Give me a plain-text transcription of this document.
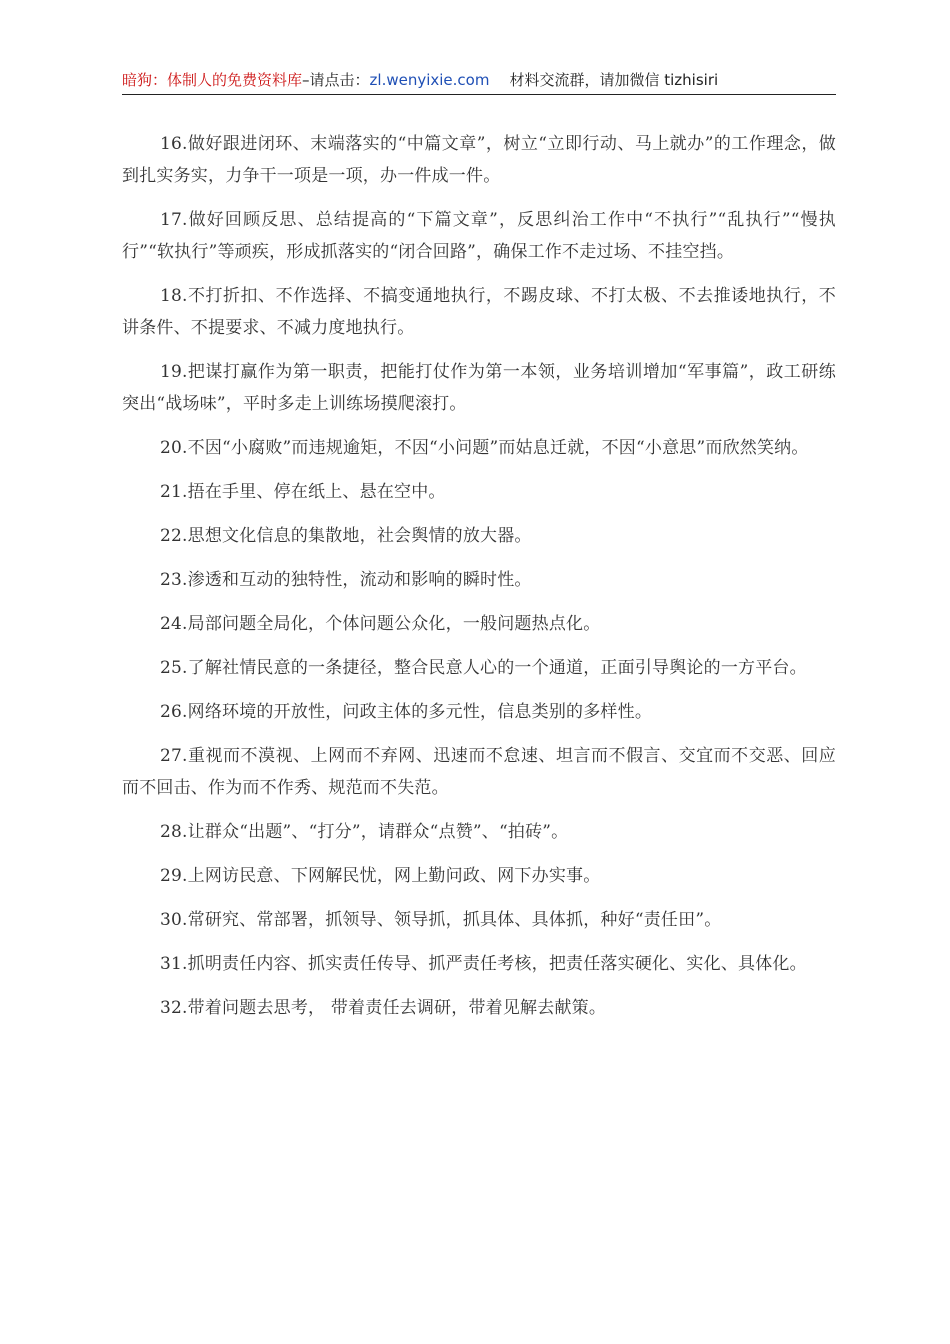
暗狗：体制人的免费资料库–请点击：zl.wenyixie.com 材料交流群，请加微信 tizhisiri

16.做好跟进闭环、末端落实的“中篇文章”，树立“立即行动、马上就办”的工作理念，做到扎实务实，力争干一项是一项，办一件成一件。

17.做好回顾反思、总结提高的“下篇文章”，反思纠治工作中“不执行”“乱执行”“慢执行”“软执行”等顽疾，形成抓落实的“闭合回路”，确保工作不走过场、不挂空挡。

18.不打折扣、不作选择、不搞变通地执行，不踢皮球、不打太极、不去推诿地执行，不讲条件、不提要求、不减力度地执行。

19.把谋打赢作为第一职责，把能打仗作为第一本领，业务培训增加“军事篇”，政工研练突出“战场味”，平时多走上训练场摸爬滚打。

20.不因“小腐败”而违规逾矩，不因“小问题”而姑息迁就，不因“小意思”而欣然笑纳。

21.捂在手里、停在纸上、悬在空中。

22.思想文化信息的集散地，社会舆情的放大器。

23.渗透和互动的独特性，流动和影响的瞬时性。

24.局部问题全局化，个体问题公众化，一般问题热点化。

25.了解社情民意的一条捷径，整合民意人心的一个通道，正面引导舆论的一方平台。

26.网络环境的开放性，问政主体的多元性，信息类别的多样性。

27.重视而不漠视、上网而不弃网、迅速而不怠速、坦言而不假言、交宜而不交恶、回应而不回击、作为而不作秀、规范而不失范。

28.让群众“出题”、“打分”，请群众“点赞”、“拍砖”。

29.上网访民意、下网解民忧，网上勤问政、网下办实事。

30.常研究、常部署，抓领导、领导抓，抓具体、具体抓，种好“责任田”。

31.抓明责任内容、抓实责任传导、抓严责任考核，把责任落实硬化、实化、具体化。

32.带着问题去思考， 带着责任去调研，带着见解去献策。
